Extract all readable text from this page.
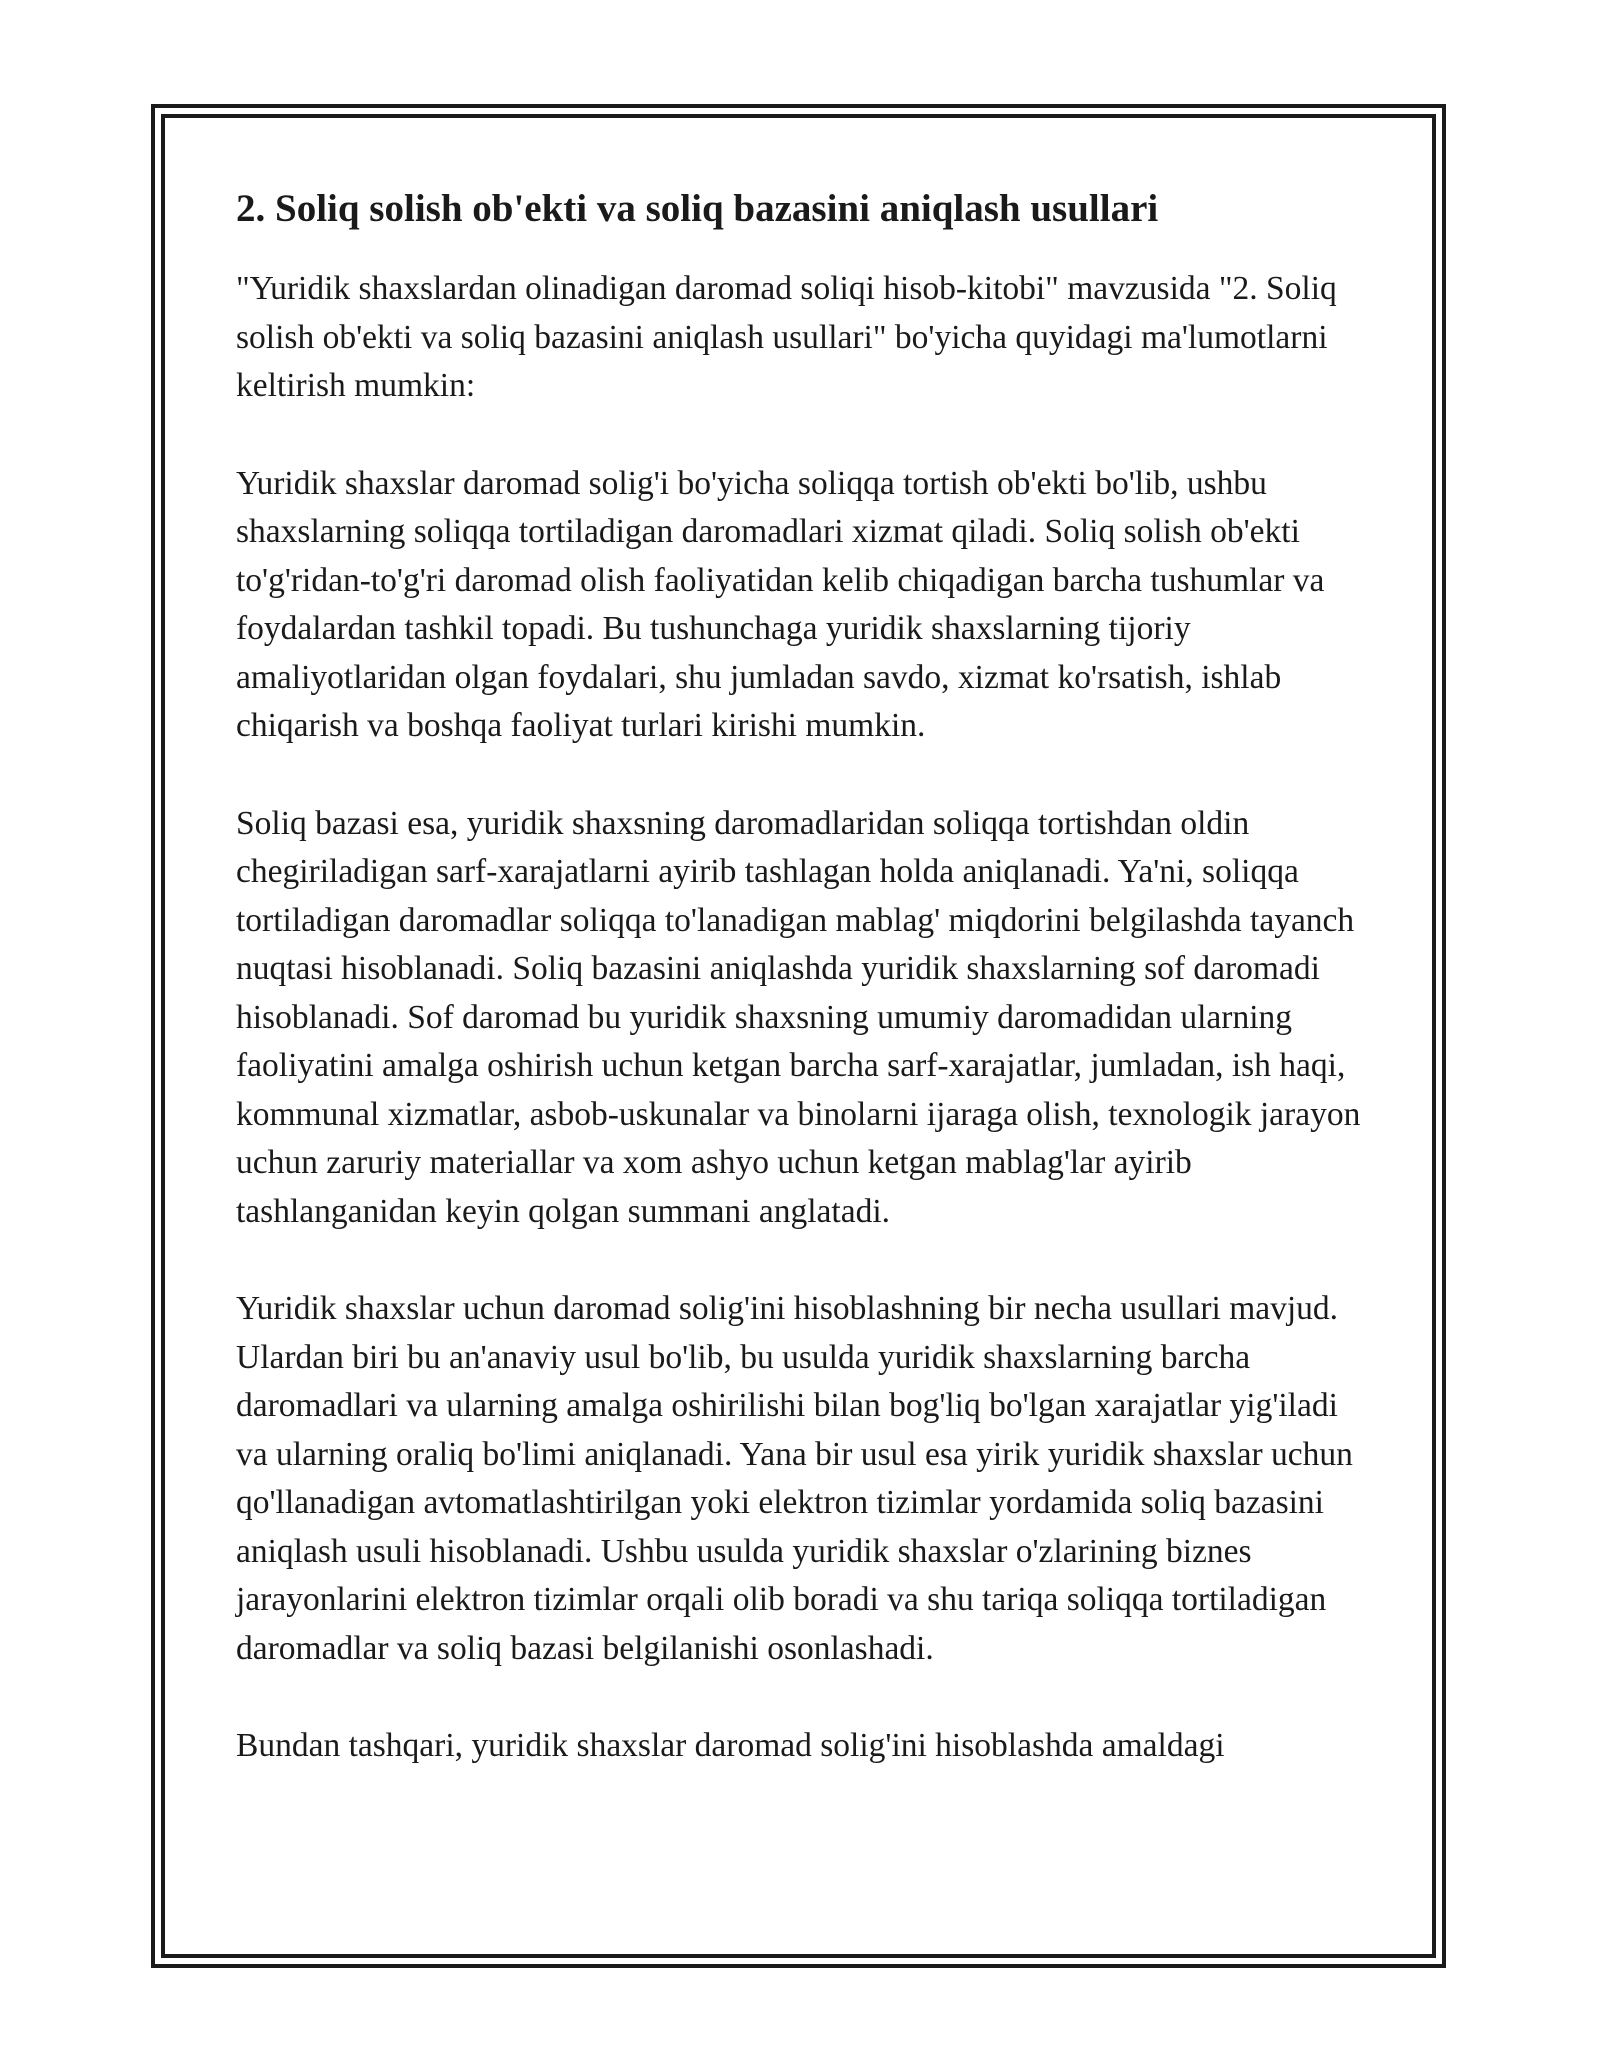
2. Soliq solish ob'ekti va soliq bazasini aniqlash usullari

"Yuridik shaxslardan olinadigan daromad soliqi hisob-kitobi" mavzusida "2. Soliq solish ob'ekti va soliq bazasini aniqlash usullari" bo'yicha quyidagi ma'lumotlarni keltirish mumkin:

Yuridik shaxslar daromad solig'i bo'yicha soliqqa tortish ob'ekti bo'lib, ushbu shaxslarning soliqqa tortiladigan daromadlari xizmat qiladi. Soliq solish ob'ekti to'g'ridan-to'g'ri daromad olish faoliyatidan kelib chiqadigan barcha tushumlar va foydalardan tashkil topadi. Bu tushunchaga yuridik shaxslarning tijoriy amaliyotlaridan olgan foydalari, shu jumladan savdo, xizmat ko'rsatish, ishlab chiqarish va boshqa faoliyat turlari kirishi mumkin.

Soliq bazasi esa, yuridik shaxsning daromadlaridan soliqqa tortishdan oldin chegiriladigan sarf-xarajatlarni ayirib tashlagan holda aniqlanadi. Ya'ni, soliqqa tortiladigan daromadlar soliqqa to'lanadigan mablag' miqdorini belgilashda tayanch nuqtasi hisoblanadi. Soliq bazasini aniqlashda yuridik shaxslarning sof daromadi hisoblanadi. Sof daromad bu yuridik shaxsning umumiy daromadidan ularning faoliyatini amalga oshirish uchun ketgan barcha sarf-xarajatlar, jumladan, ish haqi, kommunal xizmatlar, asbob-uskunalar va binolarni ijaraga olish, texnologik jarayon uchun zaruriy materiallar va xom ashyo uchun ketgan mablag'lar ayirib tashlanganidan keyin qolgan summani anglatadi.

Yuridik shaxslar uchun daromad solig'ini hisoblashning bir necha usullari mavjud. Ulardan biri bu an'anaviy usul bo'lib, bu usulda yuridik shaxslarning barcha daromadlari va ularning amalga oshirilishi bilan bog'liq bo'lgan xarajatlar yig'iladi va ularning oraliq bo'limi aniqlanadi. Yana bir usul esa yirik yuridik shaxslar uchun qo'llanadigan avtomatlashtirilgan yoki elektron tizimlar yordamida soliq bazasini aniqlash usuli hisoblanadi. Ushbu usulda yuridik shaxslar o'zlarining biznes jarayonlarini elektron tizimlar orqali olib boradi va shu tariqa soliqqa tortiladigan daromadlar va soliq bazasi belgilanishi osonlashadi.

Bundan tashqari, yuridik shaxslar daromad solig'ini hisoblashda amaldagi
